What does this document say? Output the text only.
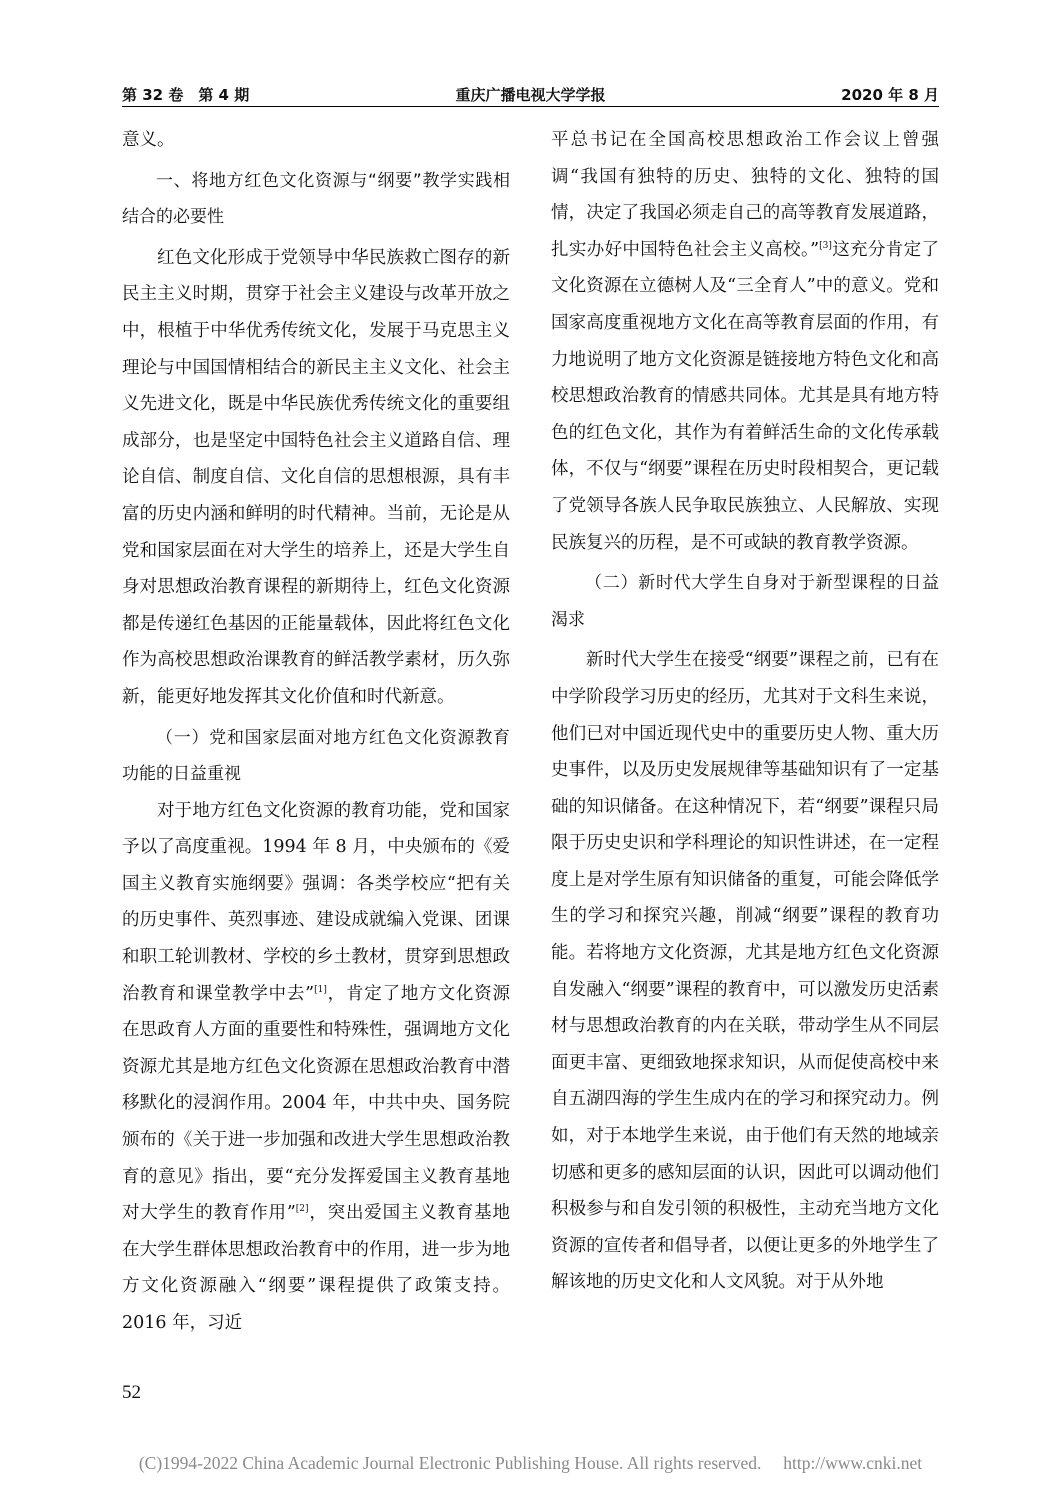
第 32 卷　第 4 期	重庆广播电视大学学报	2020 年 8 月

意义。

一、将地方红色文化资源与“纲要”教学实践相结合的必要性

红色文化形成于党领导中华民族救亡图存的新民主主义时期，贯穿于社会主义建设与改革开放之中，根植于中华优秀传统文化，发展于马克思主义理论与中国国情相结合的新民主主义文化、社会主义先进文化，既是中华民族优秀传统文化的重要组成部分，也是坚定中国特色社会主义道路自信、理论自信、制度自信、文化自信的思想根源，具有丰富的历史内涵和鲜明的时代精神。当前，无论是从党和国家层面在对大学生的培养上，还是大学生自身对思想政治教育课程的新期待上，红色文化资源都是传递红色基因的正能量载体，因此将红色文化作为高校思想政治课教育的鲜活教学素材，历久弥新，能更好地发挥其文化价值和时代新意。

（一）党和国家层面对地方红色文化资源教育功能的日益重视

对于地方红色文化资源的教育功能，党和国家予以了高度重视。1994 年 8 月，中央颁布的《爱国主义教育实施纲要》强调：各类学校应“把有关的历史事件、英烈事迹、建设成就编入党课、团课和职工轮训教材、学校的乡土教材，贯穿到思想政治教育和课堂教学中去”[1]，肯定了地方文化资源在思政育人方面的重要性和特殊性，强调地方文化资源尤其是地方红色文化资源在思想政治教育中潜移默化的浸润作用。2004 年，中共中央、国务院颁布的《关于进一步加强和改进大学生思想政治教育的意见》指出，要“充分发挥爱国主义教育基地对大学生的教育作用”[2]，突出爱国主义教育基地在大学生群体思想政治教育中的作用，进一步为地方文化资源融入“纲要”课程提供了政策支持。2016 年，习近

平总书记在全国高校思想政治工作会议上曾强调“我国有独特的历史、独特的文化、独特的国情，决定了我国必须走自己的高等教育发展道路，扎实办好中国特色社会主义高校。”[3]这充分肯定了文化资源在立德树人及“三全育人”中的意义。党和国家高度重视地方文化在高等教育层面的作用，有力地说明了地方文化资源是链接地方特色文化和高校思想政治教育的情感共同体。尤其是具有地方特色的红色文化，其作为有着鲜活生命的文化传承载体，不仅与“纲要”课程在历史时段相契合，更记载了党领导各族人民争取民族独立、人民解放、实现民族复兴的历程，是不可或缺的教育教学资源。

（二）新时代大学生自身对于新型课程的日益渴求

新时代大学生在接受“纲要”课程之前，已有在中学阶段学习历史的经历，尤其对于文科生来说，他们已对中国近现代史中的重要历史人物、重大历史事件，以及历史发展规律等基础知识有了一定基础的知识储备。在这种情况下，若“纲要”课程只局限于历史史识和学科理论的知识性讲述，在一定程度上是对学生原有知识储备的重复，可能会降低学生的学习和探究兴趣，削减“纲要”课程的教育功能。若将地方文化资源，尤其是地方红色文化资源自发融入“纲要”课程的教育中，可以激发历史活素材与思想政治教育的内在关联，带动学生从不同层面更丰富、更细致地探求知识，从而促使高校中来自五湖四海的学生生成内在的学习和探究动力。例如，对于本地学生来说，由于他们有天然的地域亲切感和更多的感知层面的认识，因此可以调动他们积极参与和自发引领的积极性，主动充当地方文化资源的宣传者和倡导者，以便让更多的外地学生了解该地的历史文化和人文风貌。对于从外地

52
(C)1994-2022 China Academic Journal Electronic Publishing House. All rights reserved.　 http://www.cnki.net
